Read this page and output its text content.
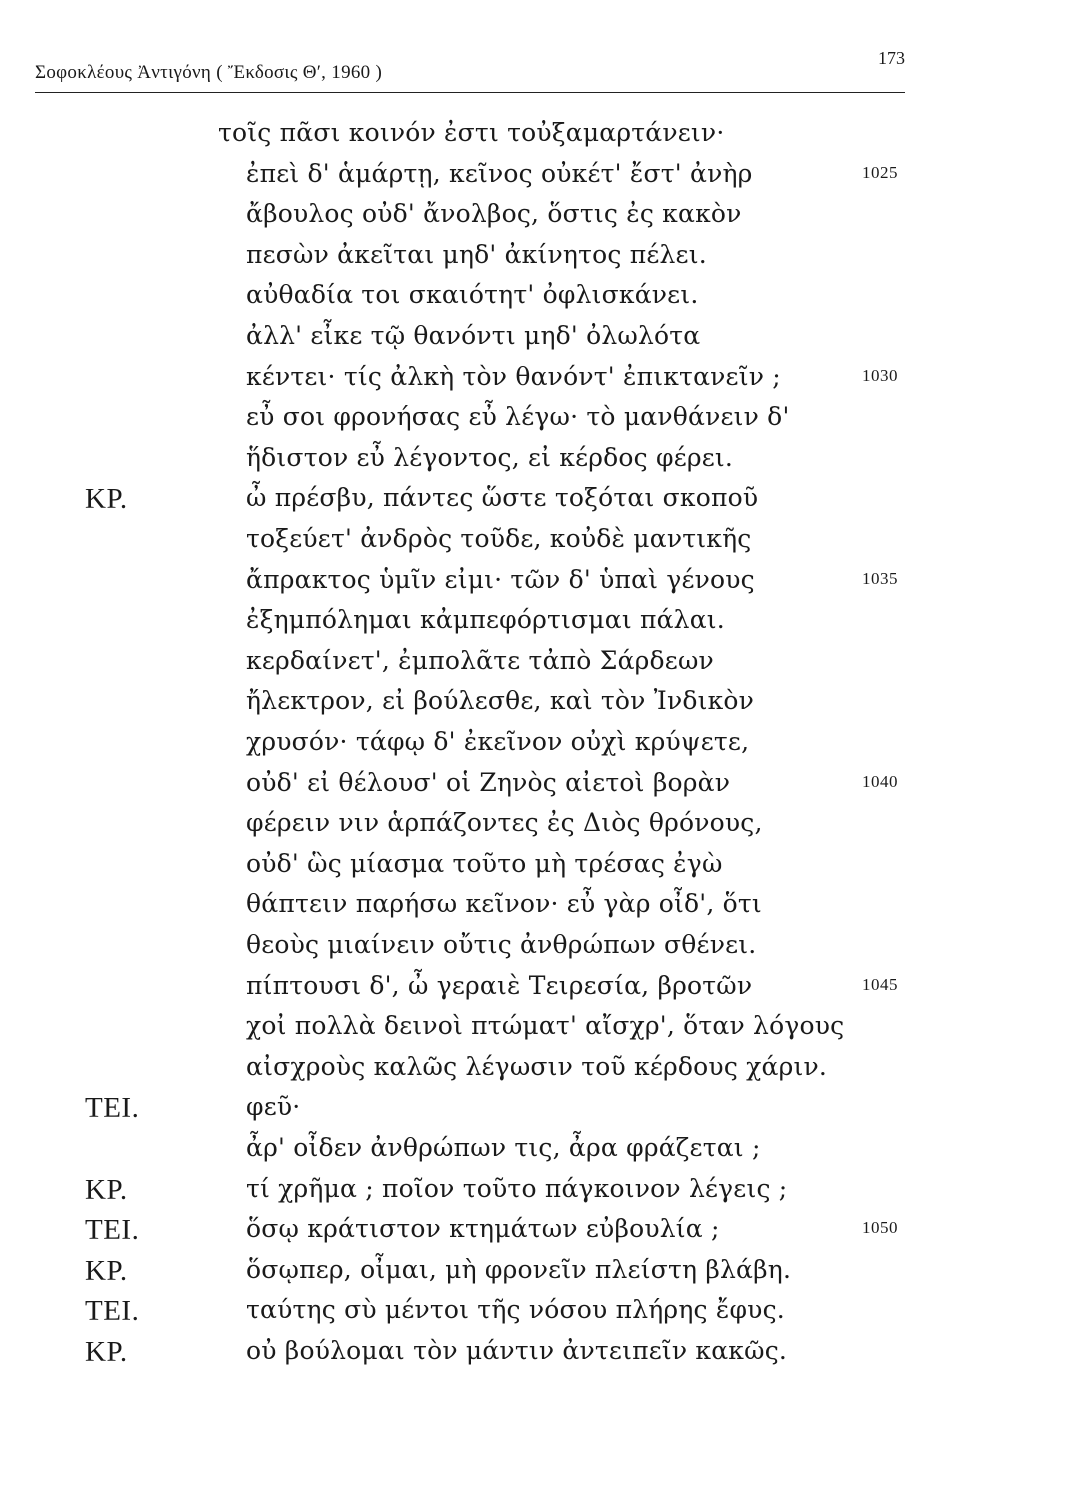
Σοφοκλέους Ἀντιγόνη ( Ἔκδοσις Θ′, 1960 )
173
τοῖς πᾶσι κοινόν ἐστι τοὐξαμαρτάνειν·
ἐπεὶ δ' ἁμάρτῃ, κεῖνος οὐκέτ' ἔστ' ἀνὴρ	1025
ἄβουλος οὐδ' ἄνολβος, ὅστις ἐς κακὸν
πεσὼν ἀκεῖται μηδ' ἀκίνητος πέλει.
αὐθαδία τοι σκαιότητ' ὀφλισκάνει.
ἀλλ' εἶκε τῷ θανόντι μηδ' ὀλωλότα
κέντει· τίς ἀλκὴ τὸν θανόντ' ἐπικτανεῖν ;	1030
εὖ σοι φρονήσας εὖ λέγω· τὸ μανθάνειν δ'
ἥδιστον εὖ λέγοντος, εἰ κέρδος φέρει.
ΚΡ.	ὦ πρέσβυ, πάντες ὥστε τοξόται σκοποῦ
τοξεύετ' ἀνδρὸς τοῦδε, κοὐδὲ μαντικῆς
ἄπρακτος ὑμῖν εἰμι· τῶν δ' ὑπαὶ γένους	1035
ἐξημπόλημαι κἀμπεφόρτισμαι πάλαι.
κερδαίνετ', ἐμπολᾶτε τἀπὸ Σάρδεων
ἤλεκτρον, εἰ βούλεσθε, καὶ τὸν Ἰνδικὸν
χρυσόν· τάφῳ δ' ἐκεῖνον οὐχὶ κρύψετε,
οὐδ' εἰ θέλουσ' οἱ Ζηνὸς αἰετοὶ βορὰν	1040
φέρειν νιν ἁρπάζοντες ἐς Διὸς θρόνους,
οὐδ' ὣς μίασμα τοῦτο μὴ τρέσας ἐγὼ
θάπτειν παρήσω κεῖνον· εὖ γὰρ οἶδ', ὅτι
θεοὺς μιαίνειν οὔτις ἀνθρώπων σθένει.
πίπτουσι δ', ὦ γεραιὲ Τειρεσία, βροτῶν	1045
χοἰ πολλὰ δεινοὶ πτώματ' αἴσχρ', ὅταν λόγους
αἰσχροὺς καλῶς λέγωσιν τοῦ κέρδους χάριν.
ΤΕΙ.	φεῦ·
ἆρ' οἶδεν ἀνθρώπων τις, ἆρα φράζεται ;
ΚΡ.	τί χρῆμα ; ποῖον τοῦτο πάγκοινον λέγεις ;
ΤΕΙ.	ὅσῳ κράτιστον κτημάτων εὐβουλία ;	1050
ΚΡ.	ὅσῳπερ, οἶμαι, μὴ φρονεῖν πλείστη βλάβη.
ΤΕΙ.	ταύτης σὺ μέντοι τῆς νόσου πλήρης ἔφυς.
ΚΡ.	οὐ βούλομαι τὸν μάντιν ἀντειπεῖν κακῶς.
